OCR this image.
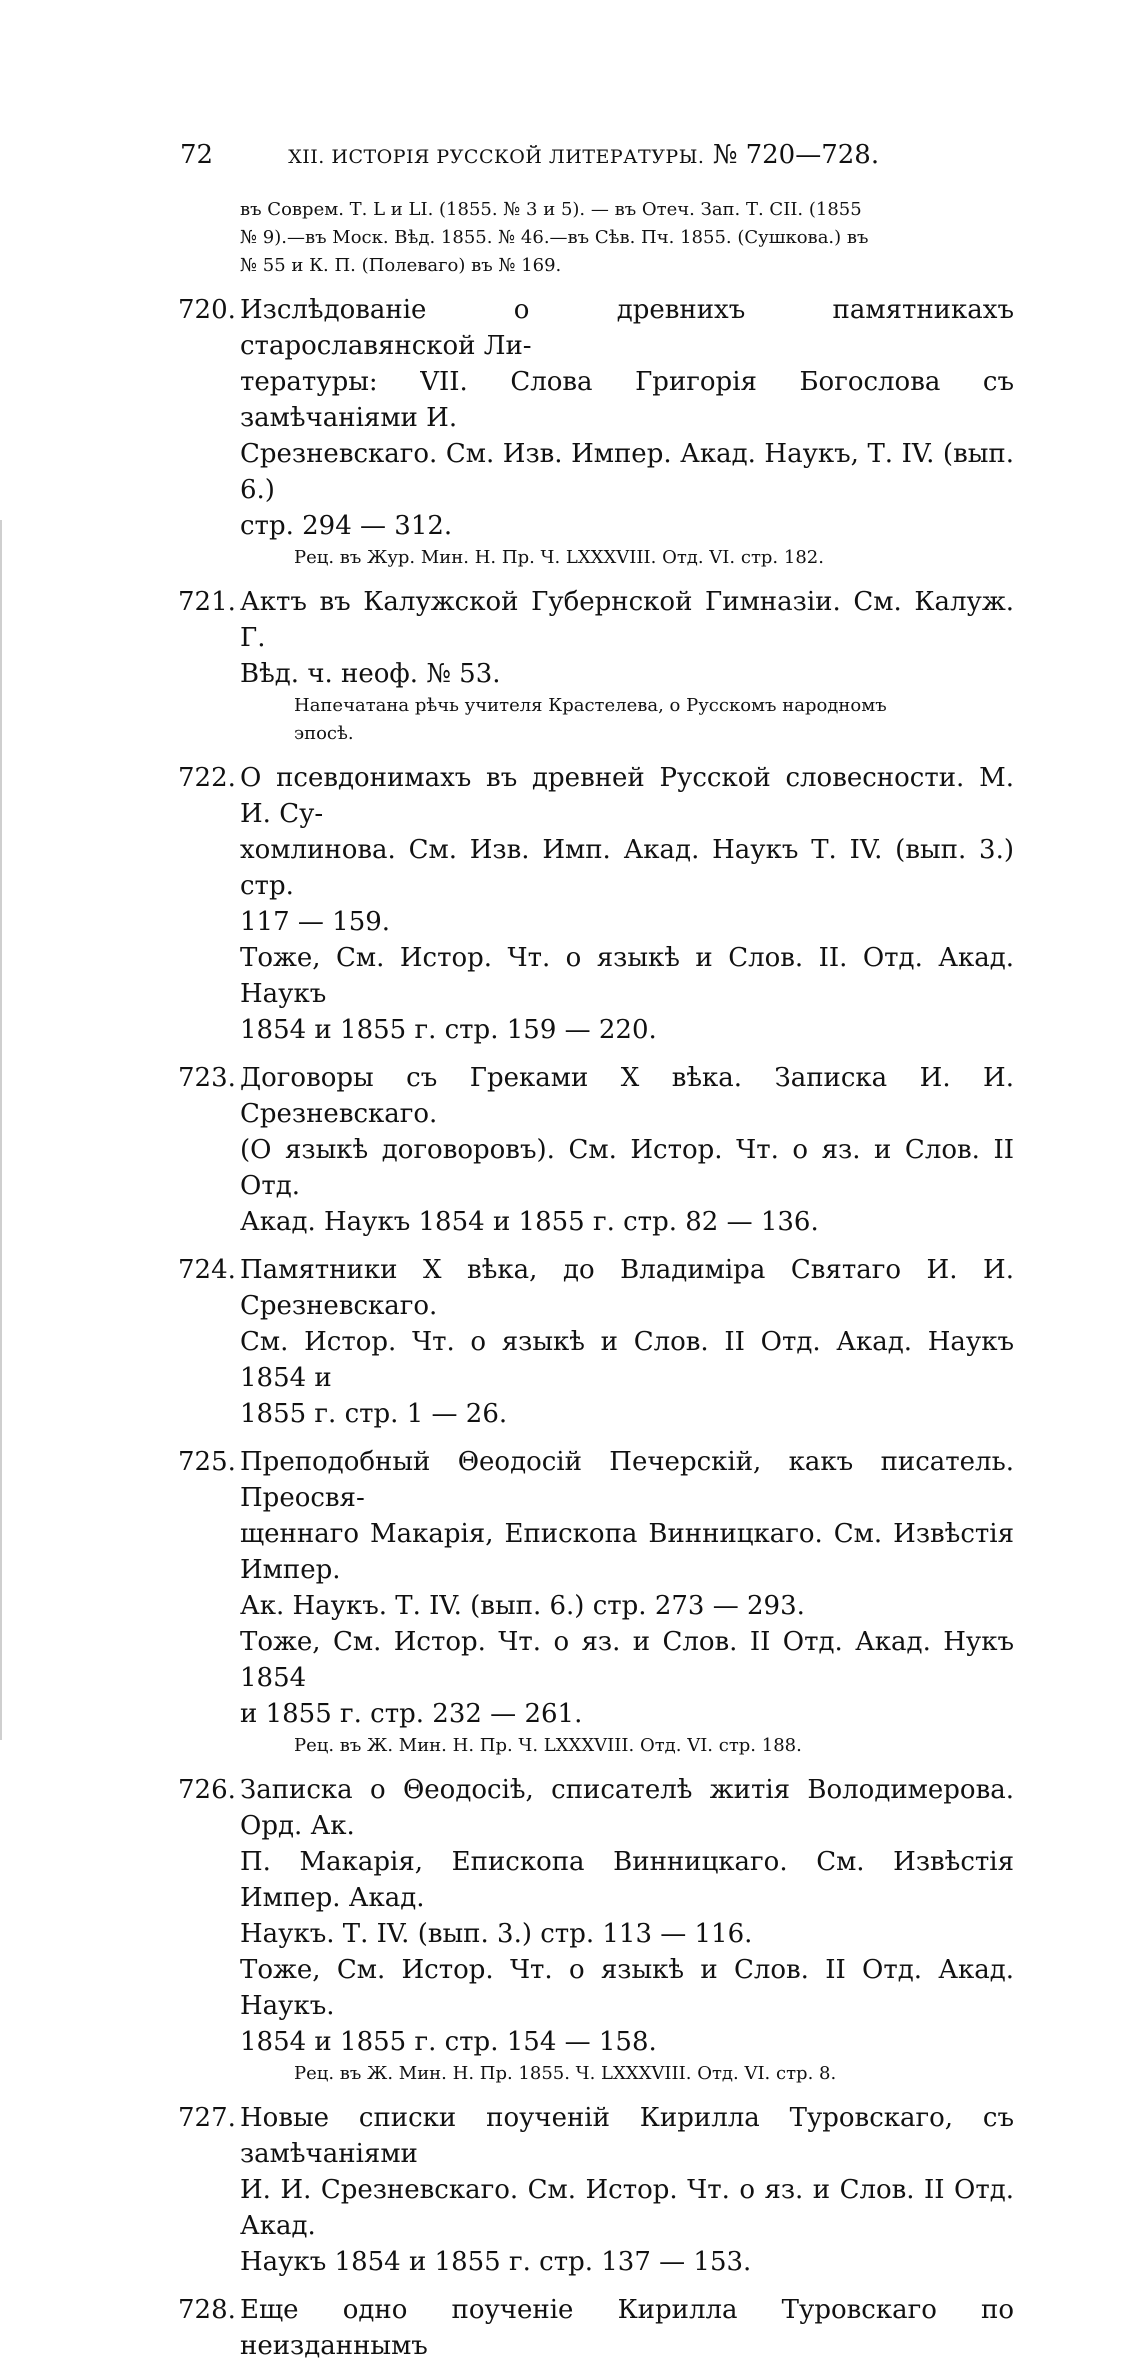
72	XII. ИСТОРІЯ РУССКОЙ ЛИТЕРАТУРЫ. № 720—728.
въ Соврем. Т. L и LI. (1855. № 3 и 5). — въ Отеч. Зап. Т. CII. (1855
№ 9).—въ Моск. Вѣд. 1855. № 46.—въ Сѣв. Пч. 1855. (Сушкова.) въ
№ 55 и К. П. (Полеваго) въ № 169.
720. Изслѣдованіе о древнихъ памятникахъ старославянской Ли-
тературы: VII. Слова Григорія Богослова съ замѣчаніями И.
Срезневскаго. См. Изв. Импер. Акад. Наукъ, Т. IV. (вып. 6.)
стр. 294 — 312.
Рец. въ Жур. Мин. Н. Пр. Ч. LXXXVIII. Отд. VI. стр. 182.
721. Актъ въ Калужской Губернской Гимназіи. См. Калуж. Г.
Вѣд. ч. неоф. № 53.
Напечатана рѣчь учителя Крастелева, о Русскомъ народномъ
эпосѣ.
722. О псевдонимахъ въ древней Русской словесности. М. И. Су-
хомлинова. См. Изв. Имп. Акад. Наукъ Т. IV. (вып. 3.) стр.
117 — 159.
Тоже, См. Истор. Чт. о языкѣ и Слов. II. Отд. Акад. Наукъ
1854 и 1855 г. стр. 159 — 220.
723. Договоры съ Греками X вѣка. Записка И. И. Срезневскаго.
(О языкѣ договоровъ). См. Истор. Чт. о яз. и Слов. II Отд.
Акад. Наукъ 1854 и 1855 г. стр. 82 — 136.
724. Памятники X вѣка, до Владиміра Святаго И. И. Срезневскаго.
См. Истор. Чт. о языкѣ и Слов. II Отд. Акад. Наукъ 1854 и
1855 г. стр. 1 — 26.
725. Преподобный Θеодосій Печерскій, какъ писатель. Преосвя-
щеннаго Макарія, Епископа Винницкаго. См. Извѣстія Импер.
Ак. Наукъ. Т. IV. (вып. 6.) стр. 273 — 293.
Тоже, См. Истор. Чт. о яз. и Слов. II Отд. Акад. Нукъ 1854
и 1855 г. стр. 232 — 261.
Рец. въ Ж. Мин. Н. Пр. Ч. LXXXVIII. Отд. VI. стр. 188.
726. Записка о Θеодосіѣ, списателѣ житія Володимерова. Орд. Ак.
П. Макарія, Епископа Винницкаго. См. Извѣстія Импер. Акад.
Наукъ. Т. IV. (вып. 3.) стр. 113 — 116.
Тоже, См. Истор. Чт. о языкѣ и Слов. II Отд. Акад. Наукъ.
1854 и 1855 г. стр. 154 — 158.
Рец. въ Ж. Мин. Н. Пр. 1855. Ч. LXXXVIII. Отд. VI. стр. 8.
727. Новые списки поученій Кирилла Туровскаго, съ замѣчаніями
И. И. Срезневскаго. См. Истор. Чт. о яз. и Слов. II Отд. Акад.
Наукъ 1854 и 1855 г. стр. 137 — 153.
728. Еще одно поученіе Кирилла Туровскаго по неизданнымъ
